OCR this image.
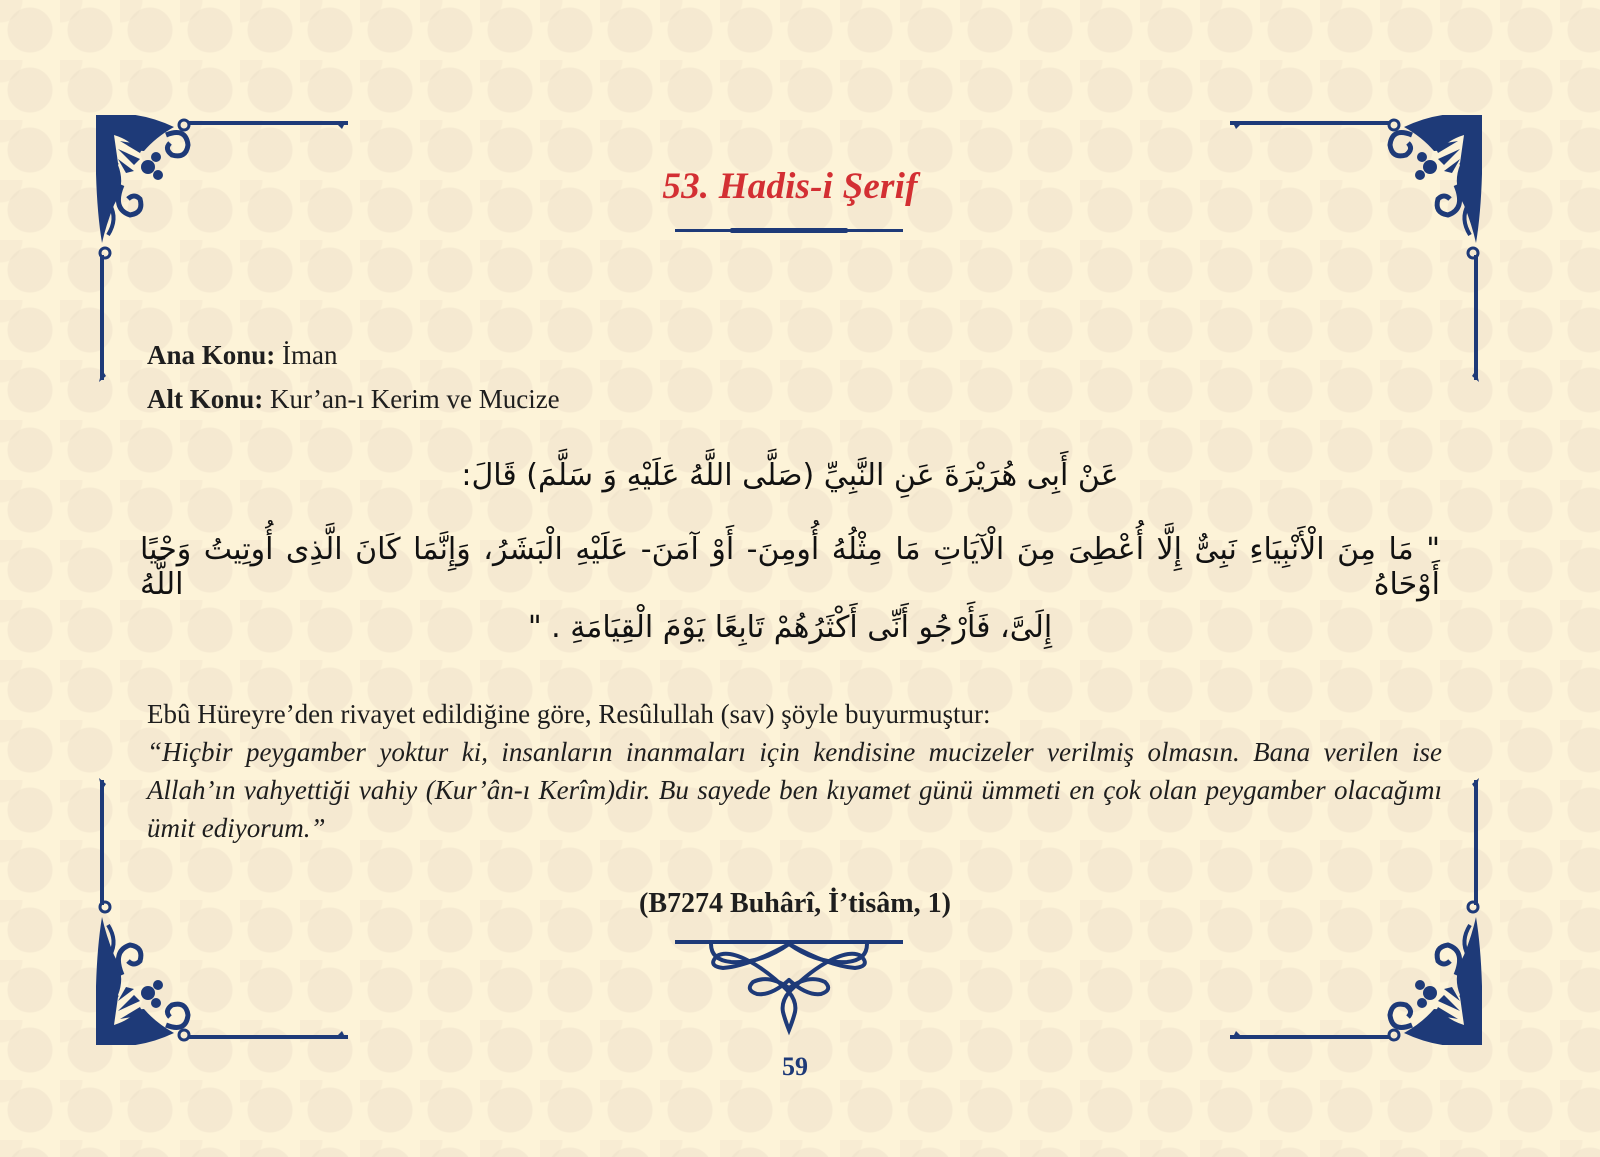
53. Hadis-i Şerif
Ana Konu: İman
Alt Konu: Kur’an-ı Kerim ve Mucize
عَنْ أَبِى هُرَيْرَةَ عَنِ النَّبِيِّ (صَلَّى اللَّهُ عَلَيْهِ وَ سَلَّمَ) قَالَ:
" مَا مِنَ الْأَنْبِيَاءِ نَبِىٌّ إِلَّا أُعْطِىَ مِنَ الْآيَاتِ مَا مِثْلُهُ أُومِنَ- أَوْ آمَنَ- عَلَيْهِ الْبَشَرُ، وَإِنَّمَا كَانَ الَّذِى أُوتِيتُ وَحْيًا أَوْحَاهُ اللَّهُ
إِلَىَّ، فَأَرْجُو أَنِّى أَكْثَرُهُمْ تَابِعًا يَوْمَ الْقِيَامَةِ . "
Ebû Hüreyre’den rivayet edildiğine göre, Resûlullah (sav) şöyle buyurmuştur:
“Hiçbir peygamber yoktur ki, insanların inanmaları için kendisine mucizeler verilmiş olmasın. Bana verilen ise Allah’ın vahyettiği vahiy (Kur’ân-ı Kerîm)dir. Bu sayede ben kıyamet günü ümmeti en çok olan peygamber olacağımı ümit ediyorum.”
(B7274 Buhârî, İ’tisâm, 1)
59
